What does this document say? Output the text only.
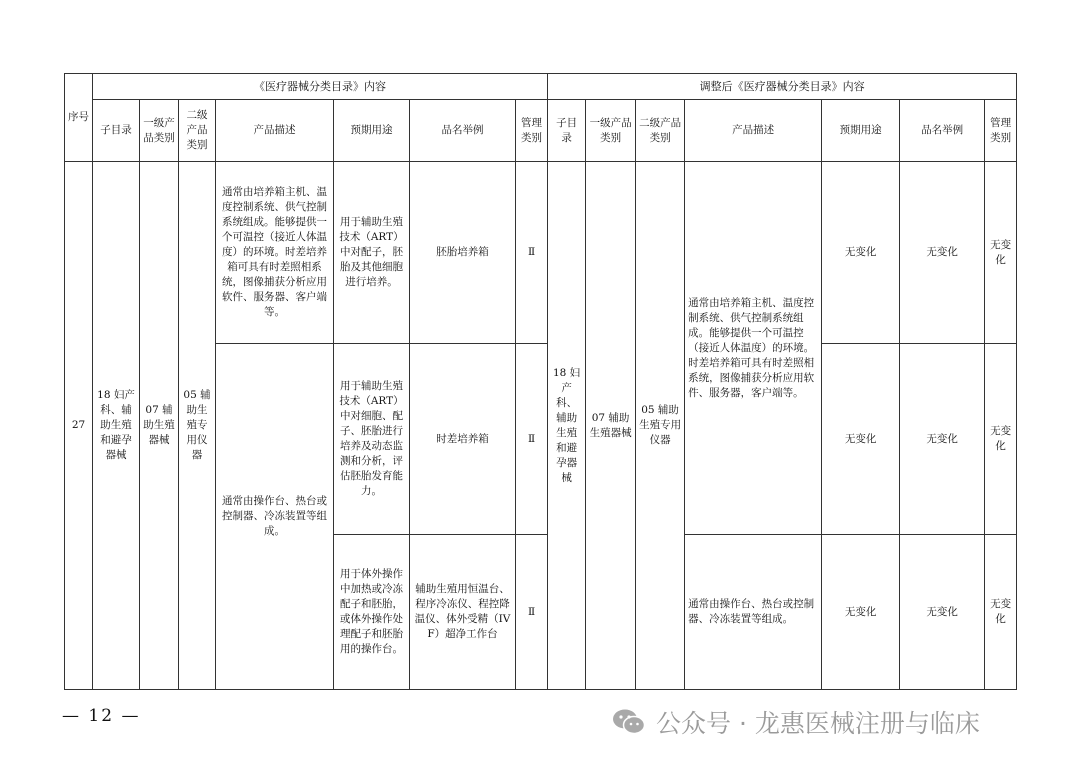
序号	《医疗器械分类目录》内容							调整后《医疗器械分类目录》内容						
	子目录	一级产品类别	二级产品类别	产品描述	预期用途	品名举例	管理类别	子目录	一级产品类别	二级产品类别	产品描述	预期用途	品名举例	管理类别
27	18 妇产科、辅助生殖和避孕器械	07 辅助生殖器械	05 辅助生殖专用仪器	通常由培养箱主机、温度控制系统、供气控制系统组成。能够提供一个可温控（接近人体温度）的环境。时差培养箱可具有时差照相系统，图像捕获分析应用软件、服务器、客户端等。	用于辅助生殖技术（ART）中对配子，胚胎及其他细胞进行培养。	胚胎培养箱	Ⅱ	18 妇产科、辅助生殖和避孕器械	07 辅助生殖器械	05 辅助生殖专用仪器	通常由培养箱主机、温度控制系统、供气控制系统组成。能够提供一个可温控（接近人体温度）的环境。时差培养箱可具有时差照相系统，图像捕获分析应用软件、服务器，客户端等。	无变化	无变化	无变化
				通常由操作台、热台或控制器、冷冻装置等组成。	用于辅助生殖技术（ART）中对细胞、配子、胚胎进行培养及动态监测和分析，评估胚胎发育能力。	时差培养箱	Ⅱ					无变化	无变化	无变化
					用于体外操作中加热或冷冻配子和胚胎，或体外操作处理配子和胚胎用的操作台。	辅助生殖用恒温台、程序冷冻仪、程控降温仪、体外受精（IVF）超净工作台	Ⅱ				通常由操作台、热台或控制器、冷冻装置等组成。	无变化	无变化	无变化
— 12 —	公众号 · 龙惠医械注册与临床
